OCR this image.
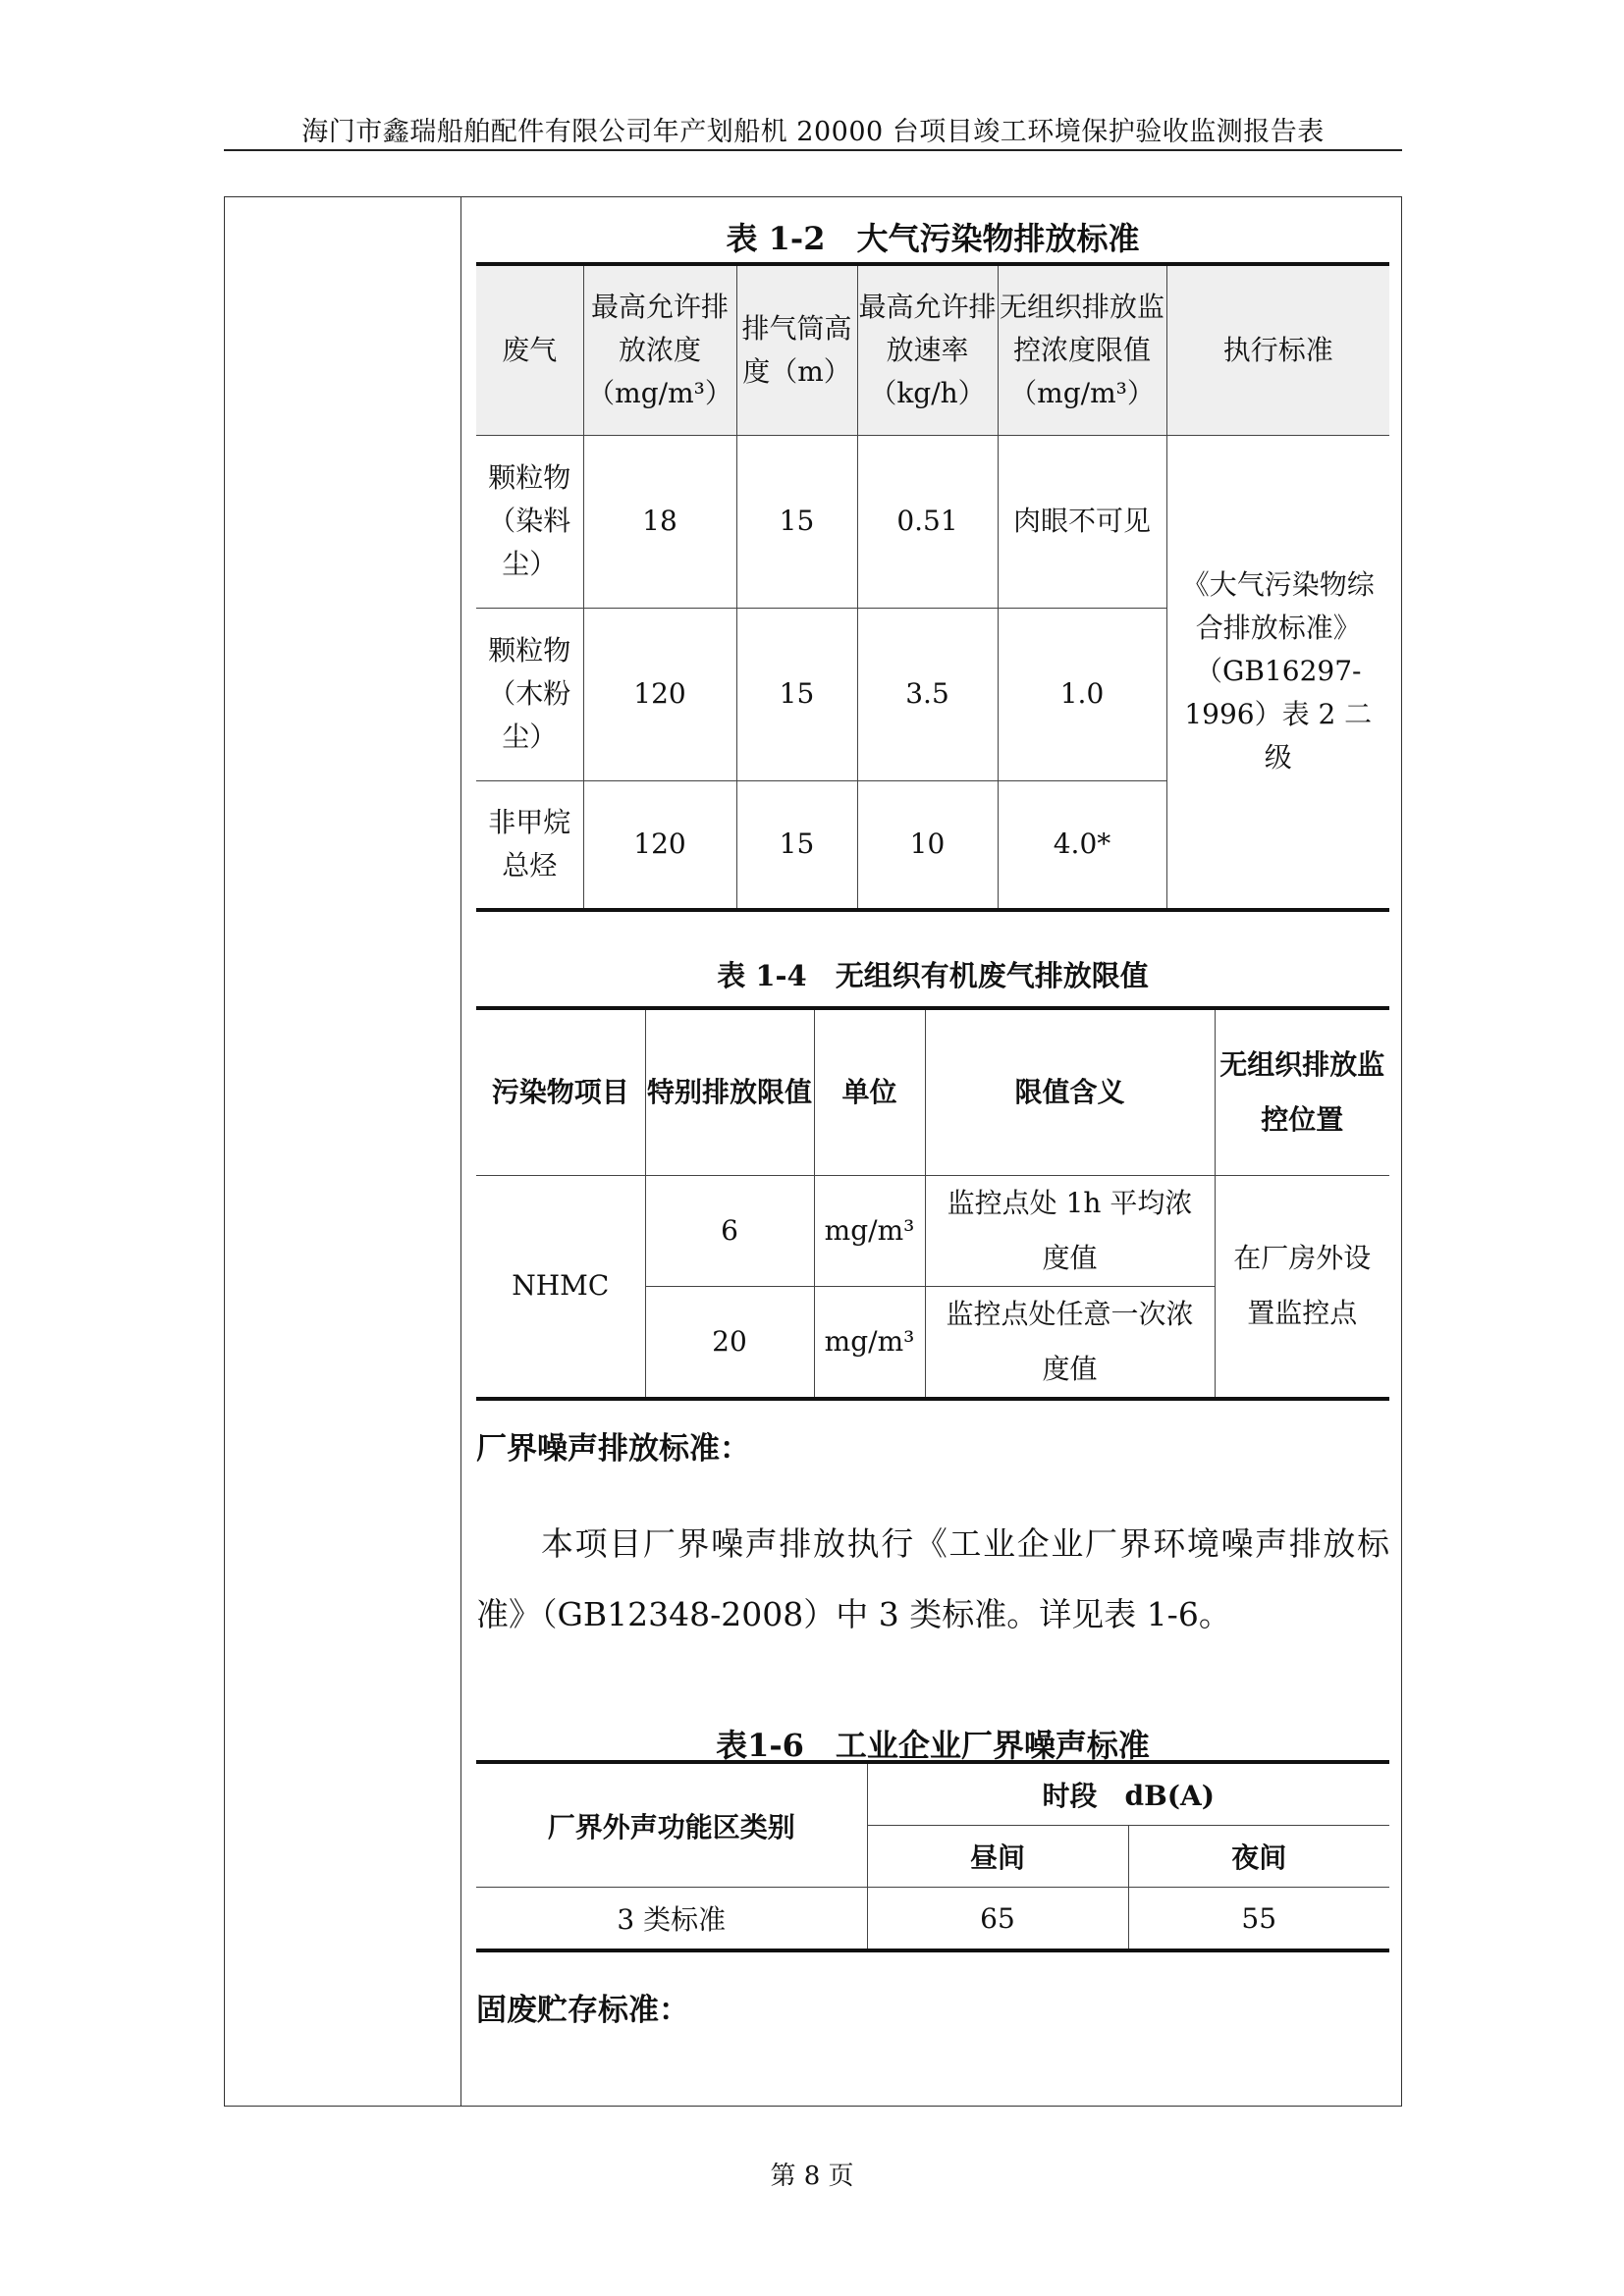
海门市鑫瑞船舶配件有限公司年产划船机 20000 台项目竣工环境保护验收监测报告表
表 1-2　大气污染物排放标准
废气	最高允许排放浓度（mg/m³）	排气筒高度（m）	最高允许排放速率（kg/h）	无组织排放监控浓度限值（mg/m³）	执行标准
颗粒物（染料尘）	18	15	0.51	肉眼不可见	《大气污染物综合排放标准》（GB16297-1996）表 2 二级
颗粒物（木粉尘）	120	15	3.5	1.0	
非甲烷总烃	120	15	10	4.0*	
表 1-4　无组织有机废气排放限值
污染物项目	特别排放限值	单位	限值含义	无组织排放监控位置
NHMC	6	mg/m³	监控点处 1h 平均浓度值	在厂房外设置监控点
	20	mg/m³	监控点处任意一次浓度值	
厂界噪声排放标准：
本项目厂界噪声排放执行《工业企业厂界环境噪声排放标准》（GB12348-2008）中 3 类标准。详见表 1-6。
表1-6　工业企业厂界噪声标准
厂界外声功能区类别	时段　dB(A)	
	昼间	夜间
3 类标准	65	55
固废贮存标准：
第 8 页
